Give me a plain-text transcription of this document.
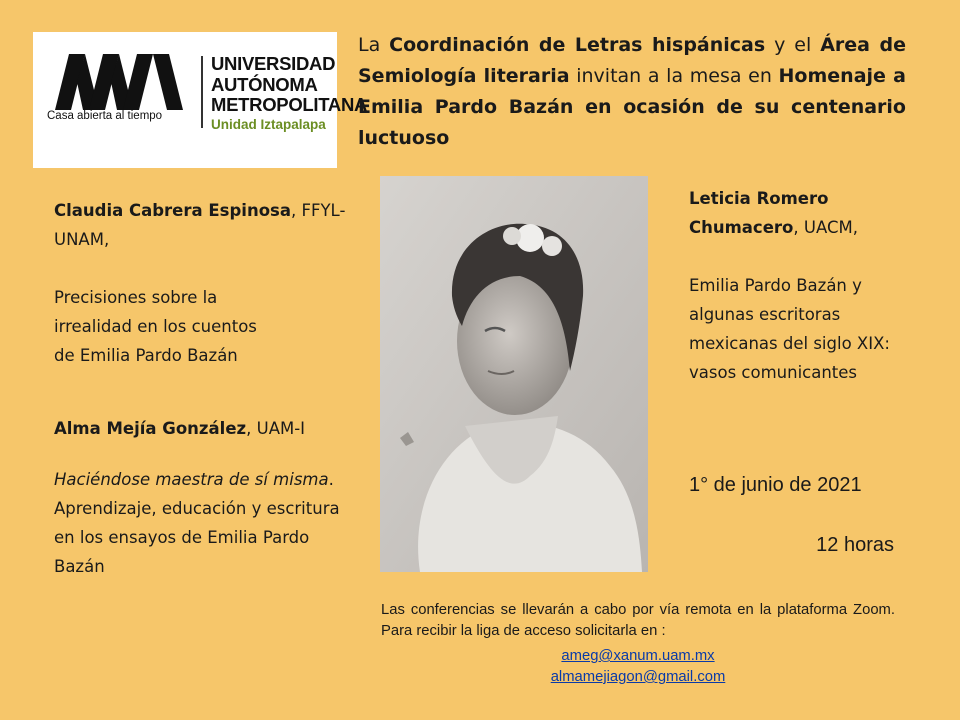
Casa abierta al tiempo
UNIVERSIDAD
AUTÓNOMA
METROPOLITANA
Unidad Iztapalapa
La Coordinación de Letras hispánicas y el Área de Semiología literaria invitan a la mesa en Homenaje a Emilia Pardo Bazán en ocasión de su centenario luctuoso

Claudia Cabrera Espinosa, FFYL-UNAM,

Precisiones sobre la
irrealidad en los cuentos
de Emilia Pardo Bazán

Alma Mejía González, UAM-I

Haciéndose maestra de sí misma. Aprendizaje, educación y escritura en los ensayos de Emilia Pardo Bazán

Leticia Romero Chumacero, UACM,

Emilia Pardo Bazán y algunas escritoras mexicanas del siglo XIX: vasos comunicantes

1° de junio de 2021
12 horas
Las conferencias se llevarán a cabo por vía remota en la plataforma Zoom. Para recibir la liga de acceso solicitarla en :
ameg@xanum.uam.mx
almamejiagon@gmail.com
